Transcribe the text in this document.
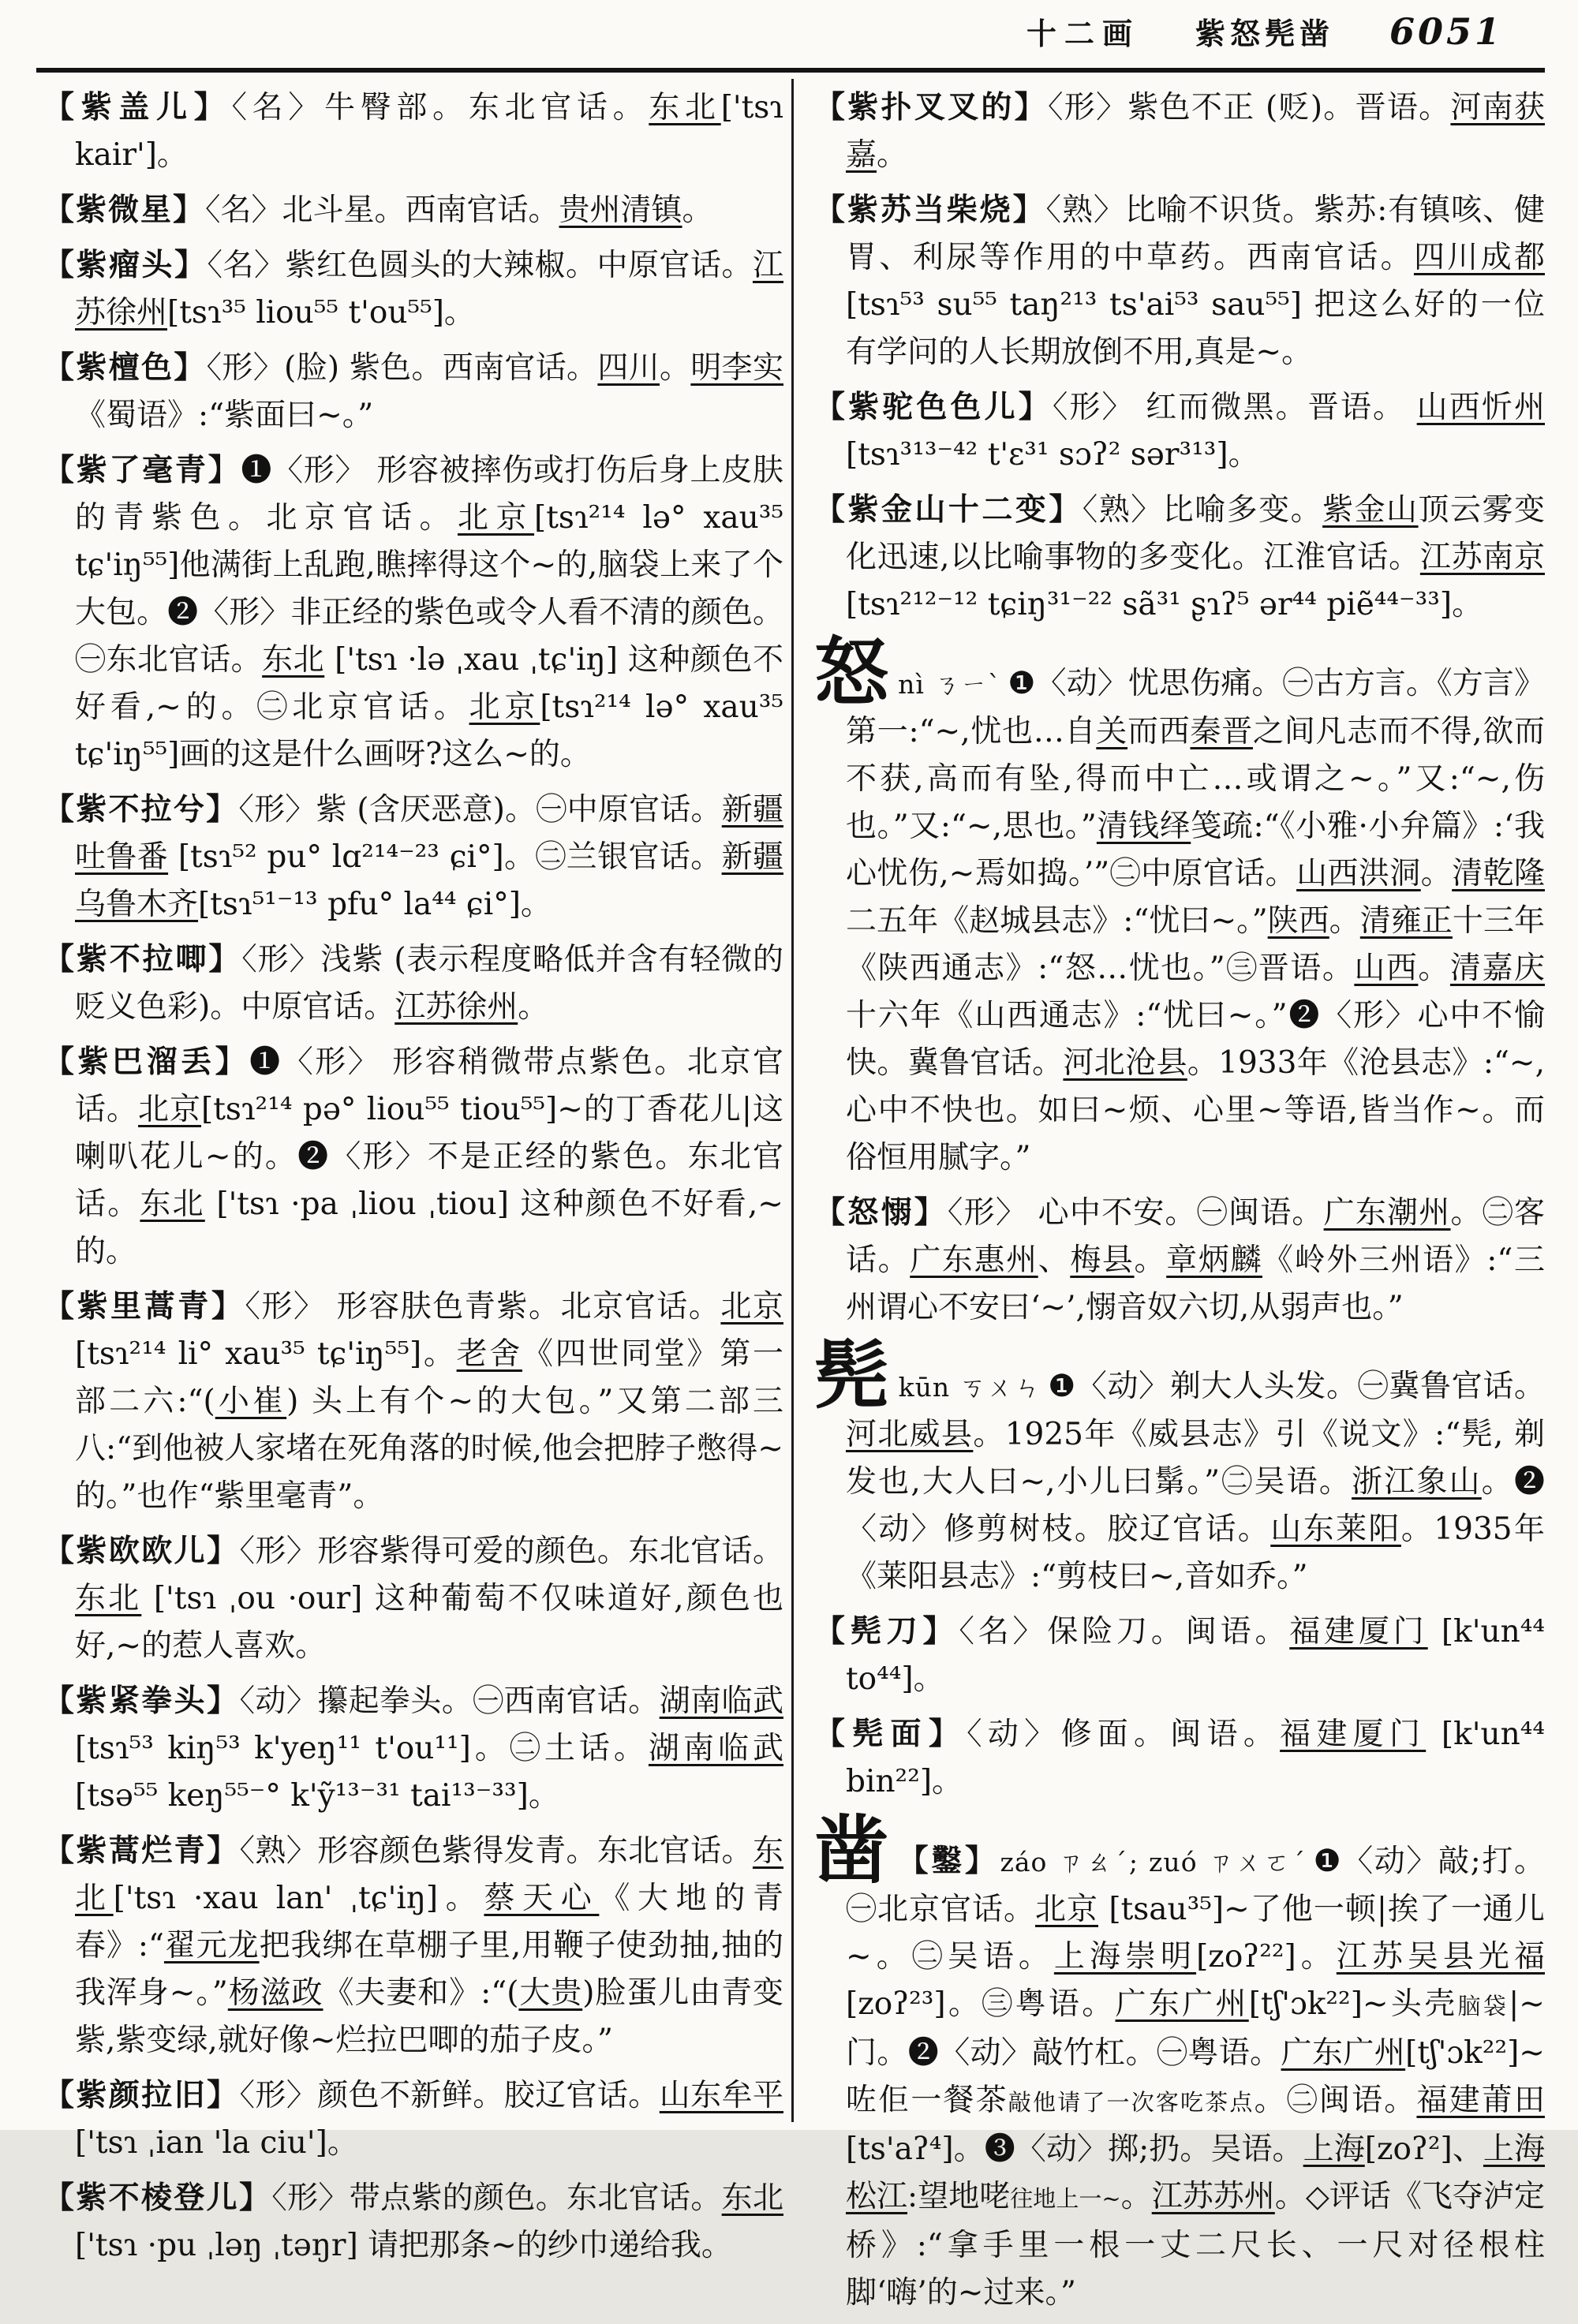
十二画 紫怒髡凿 6051

【紫盖儿】〈名〉牛臀部。东北官话。东北['tsɿ kair']。

【紫微星】〈名〉北斗星。西南官话。贵州清镇。

【紫瘤头】〈名〉紫红色圆头的大辣椒。中原官话。江苏徐州[tsɿ³⁵ liou⁵⁵ t'ou⁵⁵]。

【紫檀色】〈形〉(脸) 紫色。西南官话。四川。明李实《蜀语》:“紫面曰~。”

【紫了毫青】❶〈形〉 形容被摔伤或打伤后身上皮肤的青紫色。北京官话。北京[tsɿ²¹⁴ lə° xau³⁵ tɕ'iŋ⁵⁵]他满街上乱跑,瞧摔得这个~的,脑袋上来了个大包。❷〈形〉非正经的紫色或令人看不清的颜色。㊀东北官话。东北 ['tsɿ ·lə ˌxau ˌtɕ'iŋ] 这种颜色不好看,~的。㊁北京官话。北京[tsɿ²¹⁴ lə° xau³⁵ tɕ'iŋ⁵⁵]画的这是什么画呀?这么~的。

【紫不拉兮】〈形〉紫 (含厌恶意)。㊀中原官话。新疆吐鲁番 [tsɿ⁵² pu° lɑ²¹⁴⁻²³ ɕi°]。㊁兰银官话。新疆乌鲁木齐[tsɿ⁵¹⁻¹³ pfu° la⁴⁴ ɕi°]。

【紫不拉唧】〈形〉浅紫 (表示程度略低并含有轻微的贬义色彩)。中原官话。江苏徐州。

【紫巴溜丢】❶〈形〉 形容稍微带点紫色。北京官话。北京[tsɿ²¹⁴ pə° liou⁵⁵ tiou⁵⁵]~的丁香花儿|这喇叭花儿~的。❷〈形〉不是正经的紫色。东北官话。东北 ['tsɿ ·pa ˌliou ˌtiou] 这种颜色不好看,~的。

【紫里蒿青】〈形〉 形容肤色青紫。北京官话。北京[tsɿ²¹⁴ li° xau³⁵ tɕ'iŋ⁵⁵]。老舍《四世同堂》第一部二六:“(小崔) 头上有个~的大包。”又第二部三八:“到他被人家堵在死角落的时候,他会把脖子憋得~的。”也作“紫里毫青”。

【紫欧欧儿】〈形〉形容紫得可爱的颜色。东北官话。东北 ['tsɿ ˌou ·our] 这种葡萄不仅味道好,颜色也好,~的惹人喜欢。

【紫紧拳头】〈动〉攥起拳头。㊀西南官话。湖南临武[tsɿ⁵³ kiŋ⁵³ k'yeŋ¹¹ t'ou¹¹]。㊁土话。湖南临武[tsə⁵⁵ keŋ⁵⁵⁻° k'ỹ¹³⁻³¹ tai¹³⁻³³]。

【紫蒿烂青】〈熟〉形容颜色紫得发青。东北官话。东北['tsɿ ·xau lan' ˌtɕ'iŋ]。蔡天心《大地的青春》:“翟元龙把我绑在草棚子里,用鞭子使劲抽,抽的我浑身~。”杨滋政《夫妻和》:“(大贵)脸蛋儿由青变紫,紫变绿,就好像~烂拉巴唧的茄子皮。”

【紫颜拉旧】〈形〉颜色不新鲜。胶辽官话。山东牟平['tsɿ ˌian 'la ciu']。

【紫不棱登儿】〈形〉带点紫的颜色。东北官话。东北['tsɿ ·pu ˌləŋ ˌtəŋr] 请把那条~的纱巾递给我。

【紫扑叉叉的】〈形〉紫色不正 (贬)。晋语。河南获嘉。

【紫苏当柴烧】〈熟〉比喻不识货。紫苏:有镇咳、健胃、利尿等作用的中草药。西南官话。四川成都[tsɿ⁵³ su⁵⁵ taŋ²¹³ ts'ai⁵³ sau⁵⁵] 把这么好的一位有学问的人长期放倒不用,真是~。

【紫驼色色儿】〈形〉 红而微黑。晋语。 山西忻州[tsɿ³¹³⁻⁴² t'ɛ³¹ sɔʔ² sər³¹³]。

【紫金山十二变】〈熟〉比喻多变。紫金山顶云雾变化迅速,以比喻事物的多变化。江淮官话。江苏南京[tsɿ²¹²⁻¹² tɕiŋ³¹⁻²² sã³¹ ʂɿʔ⁵ ər⁴⁴ piẽ⁴⁴⁻³³]。

怒nì ㄋㄧˋ ❶〈动〉忧思伤痛。㊀古方言。《方言》第一:“~,忧也…自关而西秦晋之间凡志而不得,欲而不获,高而有坠,得而中亡…或谓之~。”又:“~,伤也。”又:“~,思也。”清钱绎笺疏:“《小雅·小弁篇》:‘我心忧伤,~焉如捣。’”㊁中原官话。山西洪洞。清乾隆二五年《赵城县志》:“忧曰~。”陕西。清雍正十三年《陕西通志》:“怒…忧也。”㊂晋语。山西。清嘉庆十六年《山西通志》:“忧曰~。”❷〈形〉心中不愉快。冀鲁官话。河北沧县。1933年《沧县志》:“~,心中不快也。如曰~烦、心里~等语,皆当作~。而俗恒用腻字。”

【怒愵】〈形〉 心中不安。㊀闽语。广东潮州。㊁客话。广东惠州、梅县。章炳麟《岭外三州语》:“三州谓心不安曰‘~’,愵音奴六切,从弱声也。”

髡kūn ㄎㄨㄣ ❶〈动〉剃大人头发。㊀冀鲁官话。河北威县。1925年《威县志》引《说文》:“髡, 剃发也,大人曰~,小儿曰鬀。”㊁吴语。浙江象山。❷〈动〉修剪树枝。胶辽官话。山东莱阳。1935年《莱阳县志》:“剪枝曰~,音如乔。”

【髡刀】〈名〉保险刀。闽语。福建厦门 [k'un⁴⁴ to⁴⁴]。

【髡面】〈动〉修面。闽语。福建厦门 [k'un⁴⁴ bin²²]。

凿 【鑿】záo ㄗㄠˊ; zuó ㄗㄨㄛˊ ❶〈动〉敲;打。㊀北京官话。北京 [tsau³⁵]~了他一顿|挨了一通儿~。㊁吴语。上海崇明[zoʔ²²]。江苏吴县光福[zoʔ²³]。㊂粤语。广东广州[tʃ'ɔk²²]~头壳脑袋|~门。❷〈动〉敲竹杠。㊀粤语。广东广州[tʃ'ɔk²²]~咗佢一餐茶敲他请了一次客吃茶点。㊁闽语。福建莆田 [ts'aʔ⁴]。❸〈动〉掷;扔。吴语。上海[zoʔ²]、上海松江:望地咾往地上一~。江苏苏州。◇评话《飞夺泸定桥》:“拿手里一根一丈二尺长、一尺对径根柱脚‘嗨’的~过来。”
